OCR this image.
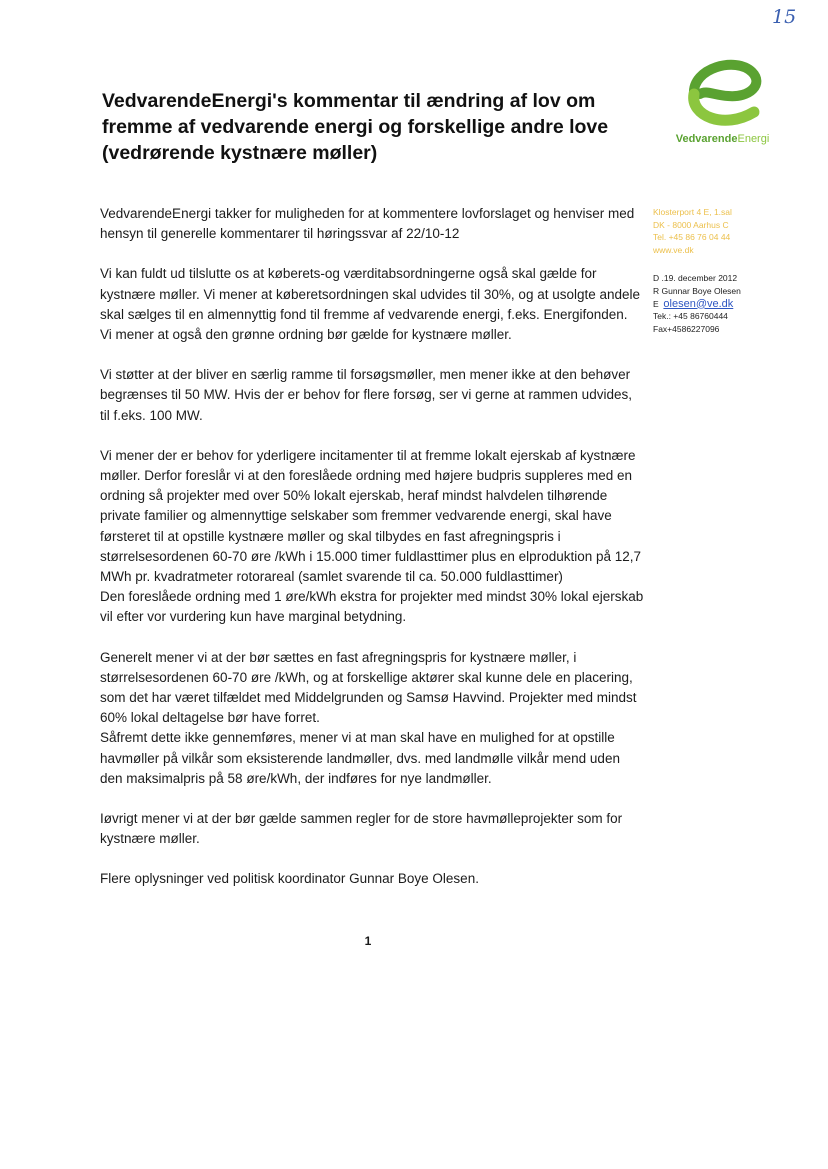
15
VedvarendeEnergi's kommentar til ændring af lov om fremme af vedvarende energi og forskellige andre love (vedrørende kystnære møller)
VedvarendeEnergi
Klosterport 4 E, 1.sal
DK - 8000 Aarhus C
Tel. +45 86 76 04 44
www.ve.dk
D .19. december 2012
R Gunnar Boye Olesen
E olesen@ve.dk
Tek.: +45 86760444
Fax+4586227096

VedvarendeEnergi takker for muligheden for at kommentere lovforslaget og henviser med hensyn til generelle kommentarer til høringssvar af 22/10-12

Vi kan fuldt ud tilslutte os at køberets-og værditabsordningerne også skal gælde for kystnære møller. Vi mener at køberetsordningen skal udvides til 30%, og at usolgte andele skal sælges til en almennyttig fond til fremme af vedvarende energi, f.eks. Energifonden.
Vi mener at også den grønne ordning bør gælde for kystnære møller.

Vi støtter at der bliver en særlig ramme til forsøgsmøller, men mener ikke at den behøver begrænses til 50 MW. Hvis der er behov for flere forsøg, ser vi gerne at rammen udvides, til f.eks. 100 MW.

Vi mener der er behov for yderligere incitamenter til at fremme lokalt ejerskab af kystnære møller. Derfor foreslår vi at den foreslåede ordning med højere budpris suppleres med en ordning så projekter med over 50% lokalt ejerskab, heraf mindst halvdelen tilhørende private familier og almennyttige selskaber som fremmer vedvarende energi, skal have førsteret til at opstille kystnære møller og skal tilbydes en fast afregningspris i størrelsesordenen 60-70 øre /kWh i 15.000 timer fuldlasttimer plus en elproduktion på 12,7 MWh pr. kvadratmeter rotorareal (samlet svarende til ca. 50.000 fuldlasttimer)
Den foreslåede ordning med 1 øre/kWh ekstra for projekter med mindst 30% lokal ejerskab vil efter vor vurdering kun have marginal betydning.

Generelt mener vi at der bør sættes en fast afregningspris for kystnære møller, i størrelsesordenen 60-70 øre /kWh, og at forskellige aktører skal kunne dele en placering, som det har været tilfældet med Middelgrunden og Samsø Havvind. Projekter med mindst 60% lokal deltagelse bør have forret.
Såfremt dette ikke gennemføres, mener vi at man skal have en mulighed for at opstille havmøller på vilkår som eksisterende landmøller, dvs. med landmølle vilkår mend uden den maksimalpris på 58 øre/kWh, der indføres for nye landmøller.

Iøvrigt mener vi at der bør gælde sammen regler for de store havmølleprojekter som for kystnære møller.

Flere oplysninger ved politisk koordinator Gunnar Boye Olesen.

1
